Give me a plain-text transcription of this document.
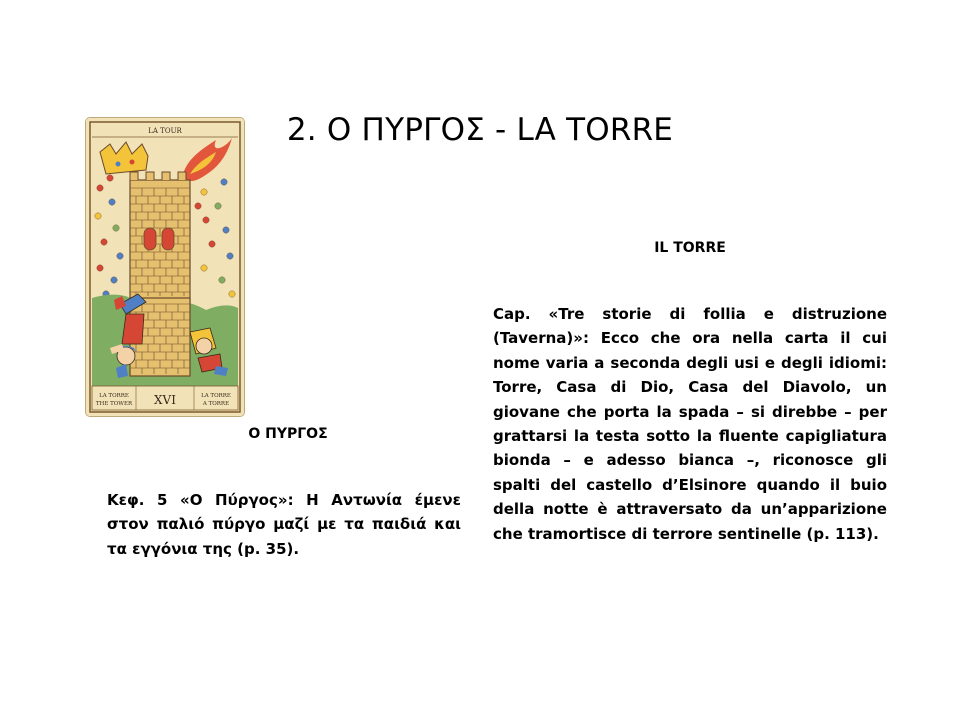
2. Ο ΠΥΡΓΟΣ - LA TORRE
LA TOUR
LA TORRE
THE TOWER XVI	LA TORRE
A TORRE
Ο ΠΥΡΓΟΣ
Κεφ. 5 «Ο Πύργος»: Η Αντωνία έμενε στον παλιό πύργο μαζί με τα παιδιά και τα εγγόνια της (p. 35).
IL TORRE
Cap. «Tre storie di follia e distruzione (Taverna)»: Ecco che ora nella carta il cui nome varia a seconda degli usi e degli idiomi: Torre, Casa di Dio, Casa del Diavolo, un giovane che porta la spada – si direbbe – per grattarsi la testa sotto la fluente capigliatura bionda – e adesso bianca –, riconosce gli spalti del castello d’Elsinore quando il buio della notte è attraversato da un’apparizione che tramortisce di terrore sentinelle (p. 113).
